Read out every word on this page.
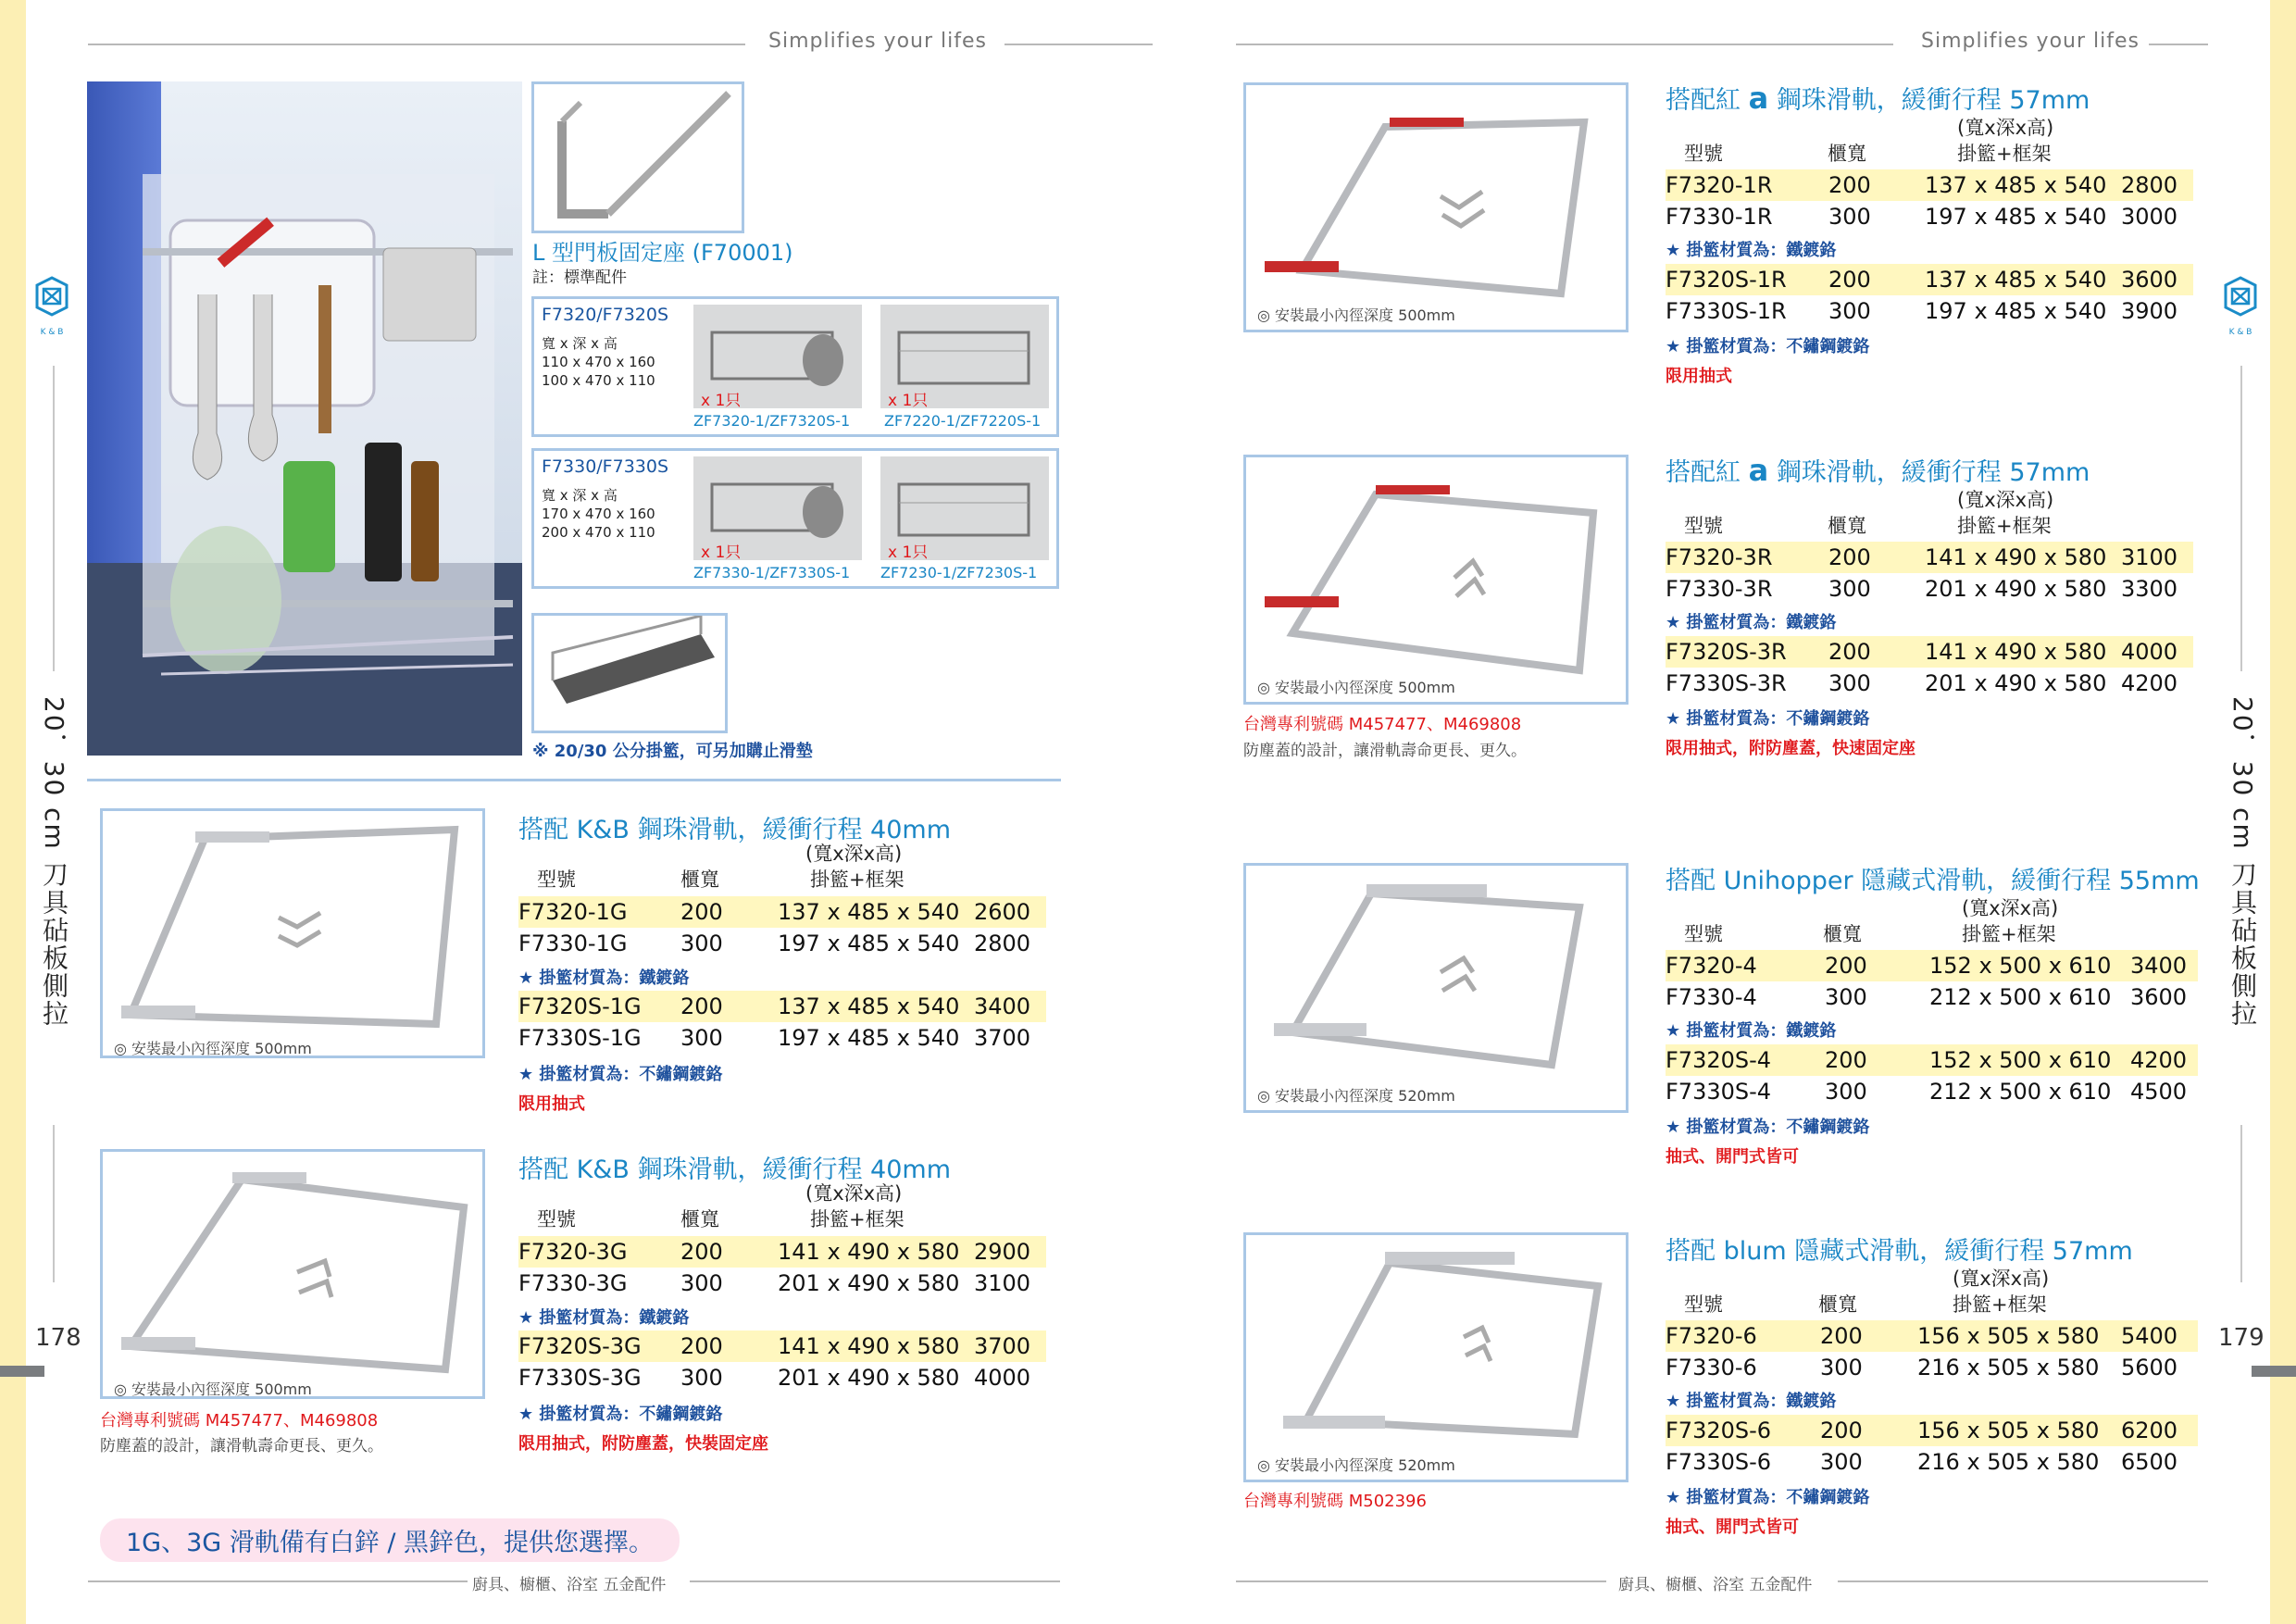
Simplifies your lifes	Simplifies your lifes
廚具、櫥櫃、浴室 五金配件	廚具、櫥櫃、浴室 五金配件
K & B	K & B
20．30 cm 刀具砧板側拉
178
20．30 cm 刀具砧板側拉
179
L 型門板固定座 (F70001)
註：標準配件
F7320/F7320S
寬 x 深 x 高
110 x 470 x 160
100 x 470 x 110
x 1只	x 1只
ZF7320-1/ZF7320S-1 ZF7220-1/ZF7220S-1
F7330/F7330S
寬 x 深 x 高
170 x 470 x 160
200 x 470 x 110
x 1只	x 1只
ZF7330-1/ZF7330S-1 ZF7230-1/ZF7230S-1
※ 20/30 公分掛籃，可另加購止滑墊
◎ 安裝最小內徑深度 500mm
搭配 K&B 鋼珠滑軌，緩衝行程 40mm
(寬x深x高)
型號	櫃寬	掛籃+框架
F7320-1G 200 137 x 485 x 540 2600
F7330-1G 300 197 x 485 x 540 2800
★ 掛籃材質為：鐵鍍鉻
F7320S-1G 200 137 x 485 x 540 3400
F7330S-1G 300 197 x 485 x 540 3700
★ 掛籃材質為：不鏽鋼鍍鉻
限用抽式
◎ 安裝最小內徑深度 500mm
台灣專利號碼 M457477、M469808
防塵蓋的設計，讓滑軌壽命更長、更久。
搭配 K&B 鋼珠滑軌，緩衝行程 40mm
(寬x深x高)
型號	櫃寬	掛籃+框架
F7320-3G 200 141 x 490 x 580 2900
F7330-3G 300 201 x 490 x 580 3100
★ 掛籃材質為：鐵鍍鉻
F7320S-3G 200 141 x 490 x 580 3700
F7330S-3G 300 201 x 490 x 580 4000
★ 掛籃材質為：不鏽鋼鍍鉻
限用抽式，附防塵蓋，快裝固定座
1G、3G 滑軌備有白鋅 / 黑鋅色，提供您選擇。
◎ 安裝最小內徑深度 500mm
搭配紅 a 鋼珠滑軌，緩衝行程 57mm
(寬x深x高)
型號	櫃寬	掛籃+框架
F7320-1R	200 137 x 485 x 540 2800
F7330-1R	300 197 x 485 x 540 3000
★ 掛籃材質為：鐵鍍鉻
F7320S-1R 200 137 x 485 x 540 3600
F7330S-1R 300 197 x 485 x 540 3900
★ 掛籃材質為：不鏽鋼鍍鉻
限用抽式
◎ 安裝最小內徑深度 500mm
台灣專利號碼 M457477、M469808
防塵蓋的設計，讓滑軌壽命更長、更久。
搭配紅 a 鋼珠滑軌，緩衝行程 57mm
(寬x深x高)
型號	櫃寬	掛籃+框架
F7320-3R	200 141 x 490 x 580 3100
F7330-3R	300 201 x 490 x 580 3300
★ 掛籃材質為：鐵鍍鉻
F7320S-3R 200 141 x 490 x 580 4000
F7330S-3R 300 201 x 490 x 580 4200
★ 掛籃材質為：不鏽鋼鍍鉻
限用抽式，附防塵蓋，快速固定座
◎ 安裝最小內徑深度 520mm
搭配 Unihopper 隱藏式滑軌，緩衝行程 55mm
(寬x深x高)
型號	櫃寬	掛籃+框架
F7320-4	200	152 x 500 x 610 3400
F7330-4	300	212 x 500 x 610 3600
★ 掛籃材質為：鐵鍍鉻
F7320S-4 200	152 x 500 x 610 4200
F7330S-4 300	212 x 500 x 610 4500
★ 掛籃材質為：不鏽鋼鍍鉻
抽式、開門式皆可
◎ 安裝最小內徑深度 520mm
台灣專利號碼 M502396
搭配 blum 隱藏式滑軌，緩衝行程 57mm
(寬x深x高)
型號	櫃寬	掛籃+框架
F7320-6	200 156 x 505 x 580 5400
F7330-6	300 216 x 505 x 580 5600
★ 掛籃材質為：鐵鍍鉻
F7320S-6 200 156 x 505 x 580 6200
F7330S-6 300 216 x 505 x 580 6500
★ 掛籃材質為：不鏽鋼鍍鉻
抽式、開門式皆可
